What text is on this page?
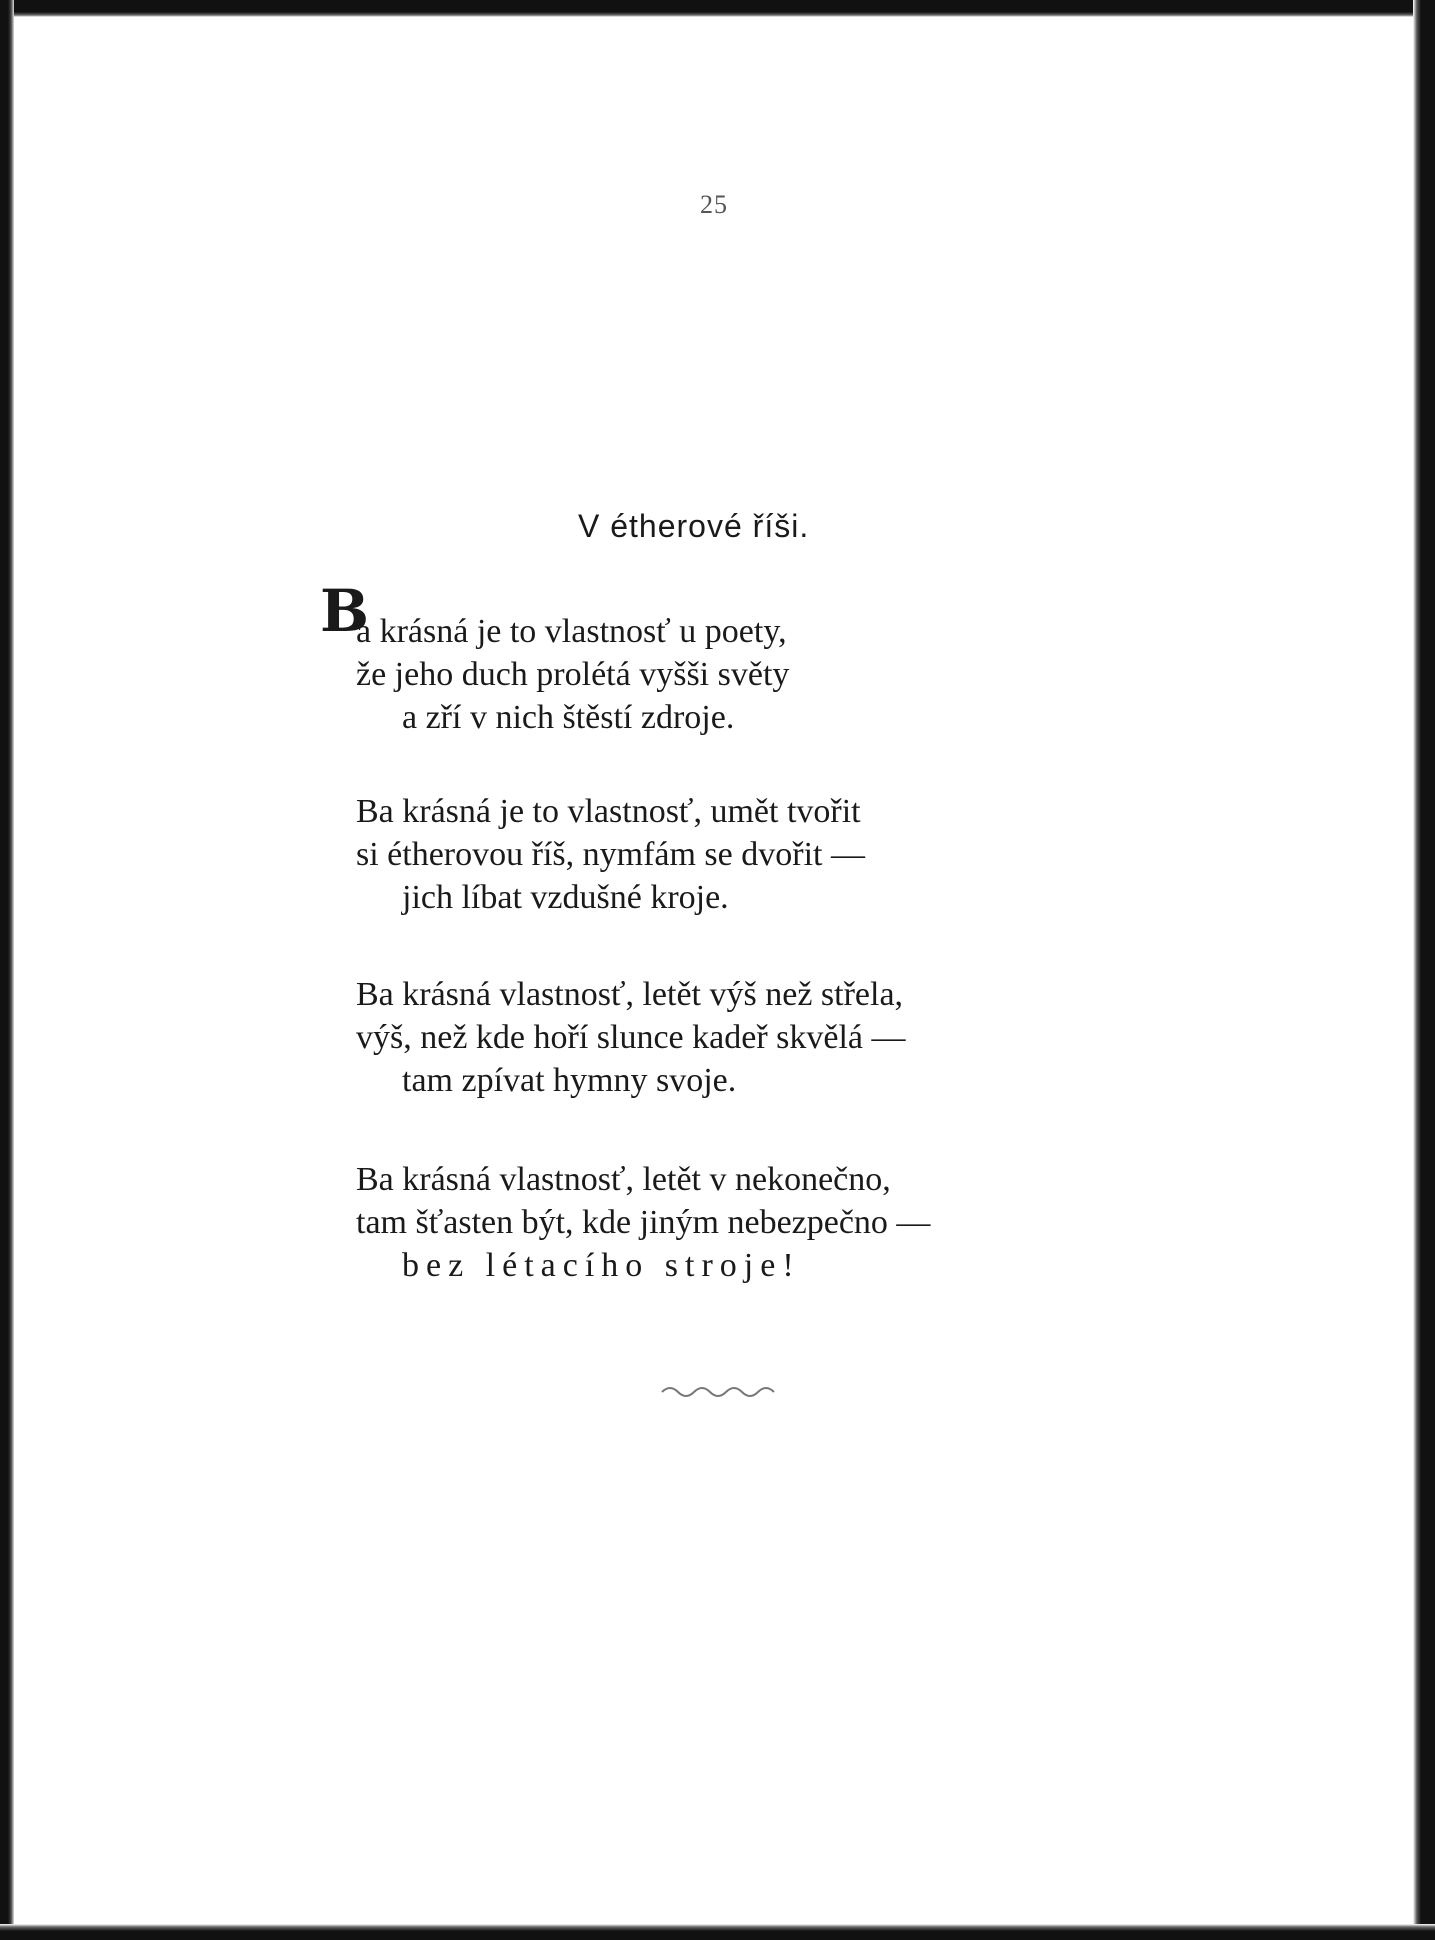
25
V étherové říši.
B
a krásná je to vlastnosť u poety,
že jeho duch prolétá vyšši světy
a zří v nich štěstí zdroje.
Ba krásná je to vlastnosť, umět tvořit
si étherovou říš, nymfám se dvořit —
jich líbat vzdušné kroje.
Ba krásná vlastnosť, letět výš než střela,
výš, než kde hoří slunce kadeř skvělá —
tam zpívat hymny svoje.
Ba krásná vlastnosť, letět v nekonečno,
tam šťasten být, kde jiným nebezpečno —
bez létacího stroje!
